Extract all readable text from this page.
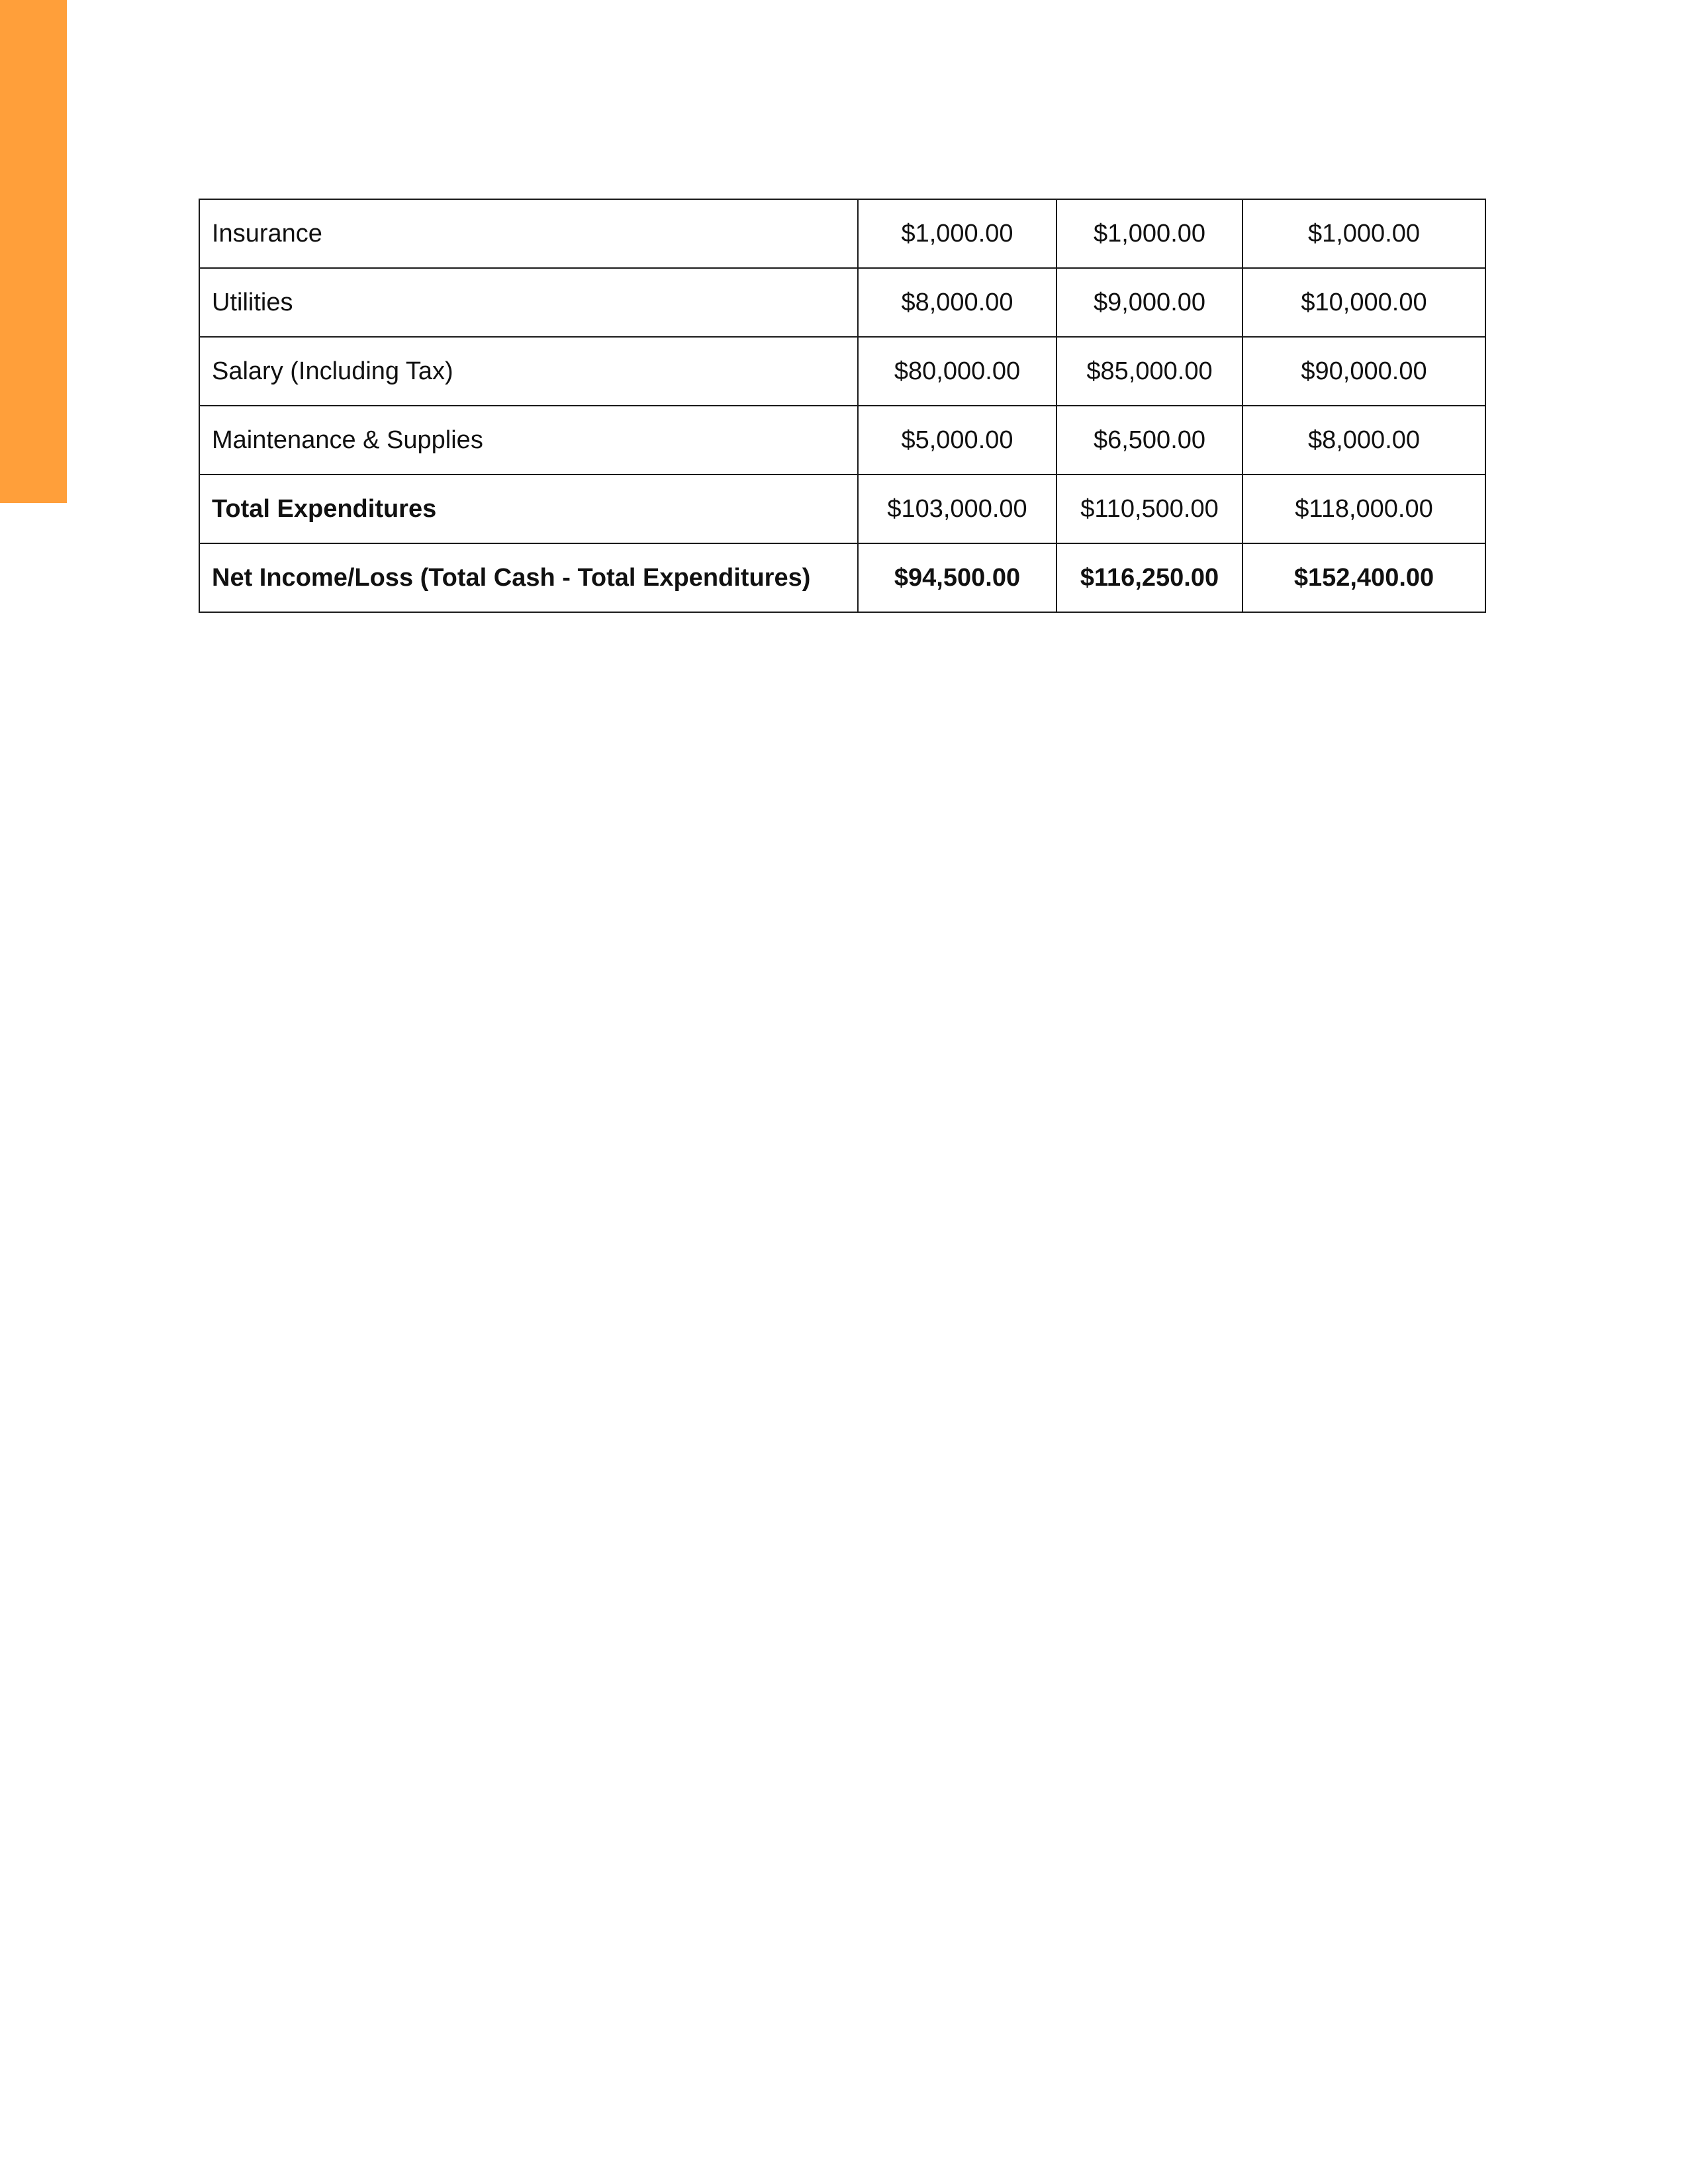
Insurance	$1,000.00	$1,000.00	$1,000.00
Utilities	$8,000.00	$9,000.00	$10,000.00
Salary (Including Tax)	$80,000.00	$85,000.00	$90,000.00
Maintenance & Supplies	$5,000.00	$6,500.00	$8,000.00
Total Expenditures	$103,000.00	$110,500.00	$118,000.00
Net Income/Loss (Total Cash - Total Expenditures)	$94,500.00	$116,250.00	$152,400.00
